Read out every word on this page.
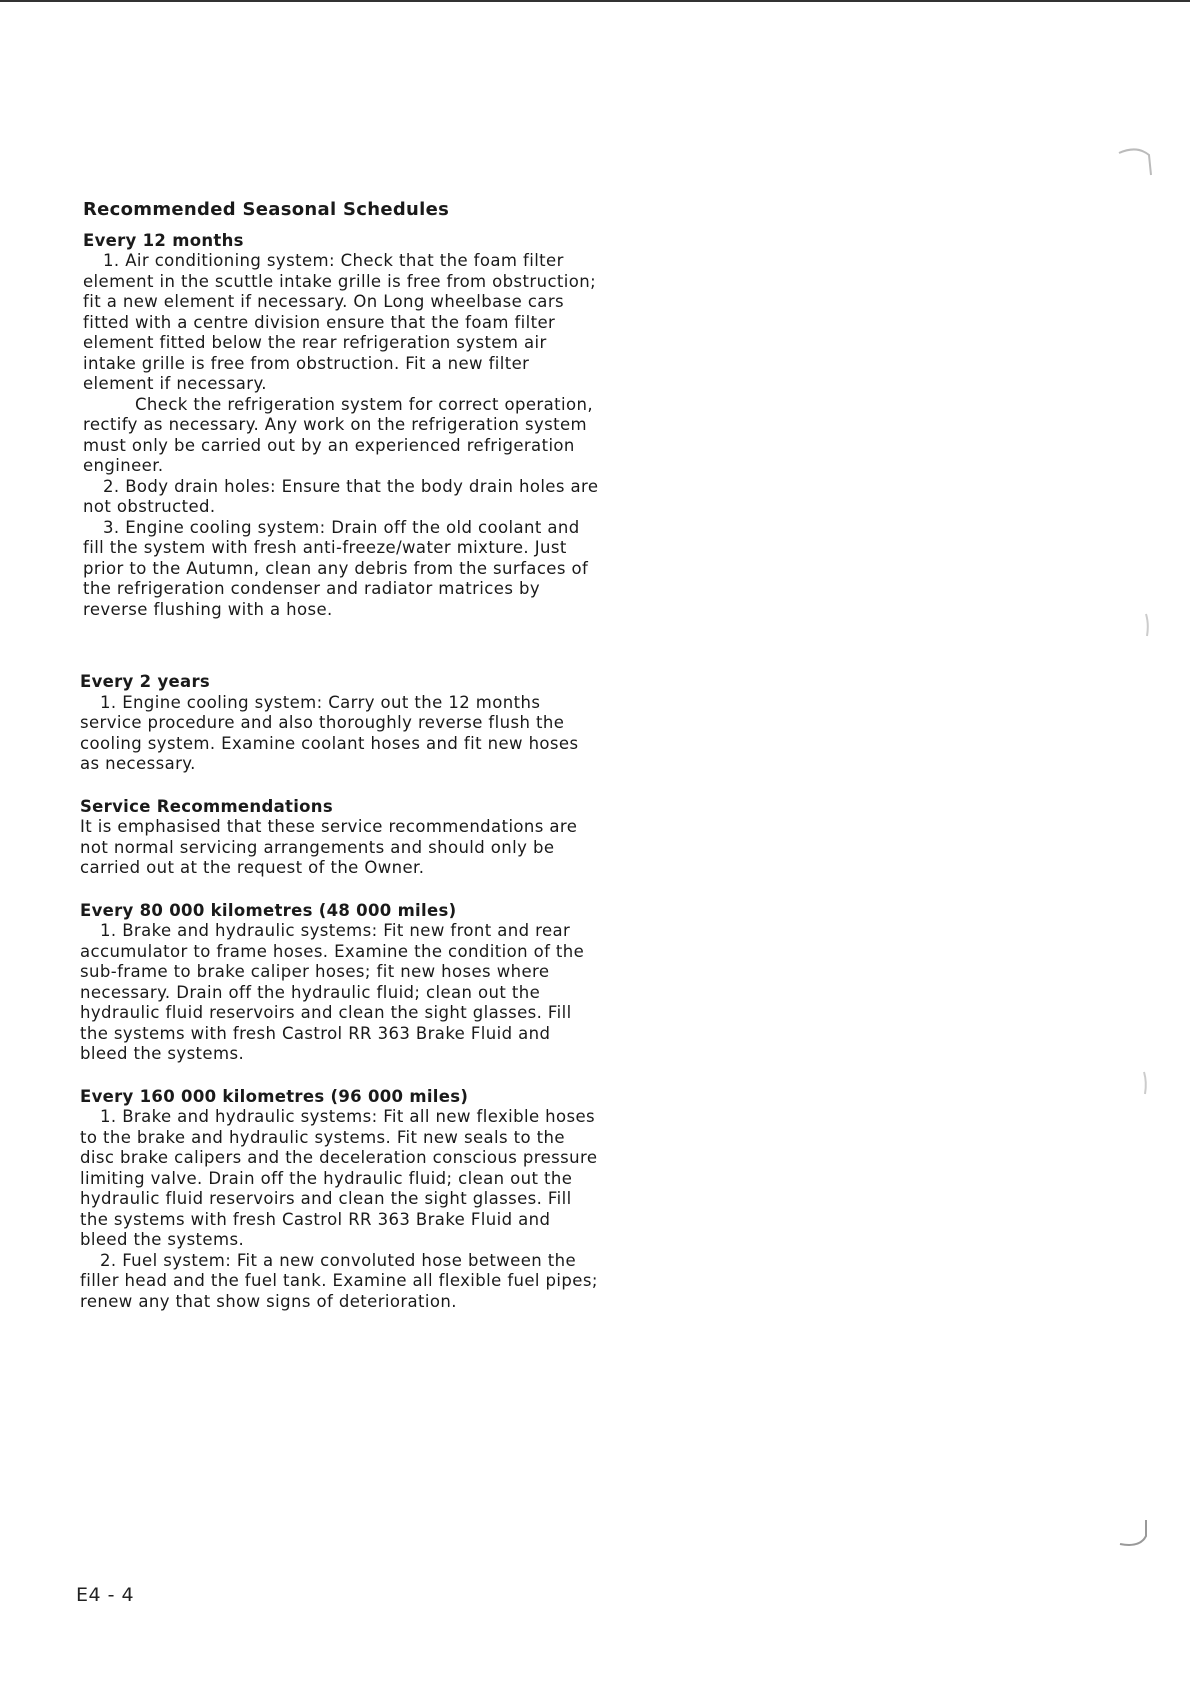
Recommended Seasonal Schedules
Every 12 months

1. Air conditioning system: Check that the foam filter element in the scuttle intake grille is free from obstruction; fit a new element if necessary. On Long wheelbase cars fitted with a centre division ensure that the foam filter element fitted below the rear refrigeration system air intake grille is free from obstruction. Fit a new filter element if necessary.

Check the refrigeration system for correct operation, rectify as necessary. Any work on the refrigeration system must only be carried out by an experienced refrigeration engineer.

2. Body drain holes: Ensure that the body drain holes are not obstructed.

3. Engine cooling system: Drain off the old coolant and fill the system with fresh anti-freeze/water mixture. Just prior to the Autumn, clean any debris from the surfaces of the refrigeration condenser and radiator matrices by reverse flushing with a hose.

Every 2 years

1. Engine cooling system: Carry out the 12 months service procedure and also thoroughly reverse flush the cooling system. Examine coolant hoses and fit new hoses as necessary.

Service Recommendations

It is emphasised that these service recommendations are not normal servicing arrangements and should only be carried out at the request of the Owner.

Every 80 000 kilometres (48 000 miles)

1. Brake and hydraulic systems: Fit new front and rear accumulator to frame hoses. Examine the condition of the sub-frame to brake caliper hoses; fit new hoses where necessary. Drain off the hydraulic fluid; clean out the hydraulic fluid reservoirs and clean the sight glasses. Fill the systems with fresh Castrol RR 363 Brake Fluid and bleed the systems.

Every 160 000 kilometres (96 000 miles)

1. Brake and hydraulic systems: Fit all new flexible hoses to the brake and hydraulic systems. Fit new seals to the disc brake calipers and the deceleration conscious pressure limiting valve. Drain off the hydraulic fluid; clean out the hydraulic fluid reservoirs and clean the sight glasses. Fill the systems with fresh Castrol RR 363 Brake Fluid and bleed the systems.

2. Fuel system: Fit a new convoluted hose between the filler head and the fuel tank. Examine all flexible fuel pipes; renew any that show signs of deterioration.

E4 - 4
